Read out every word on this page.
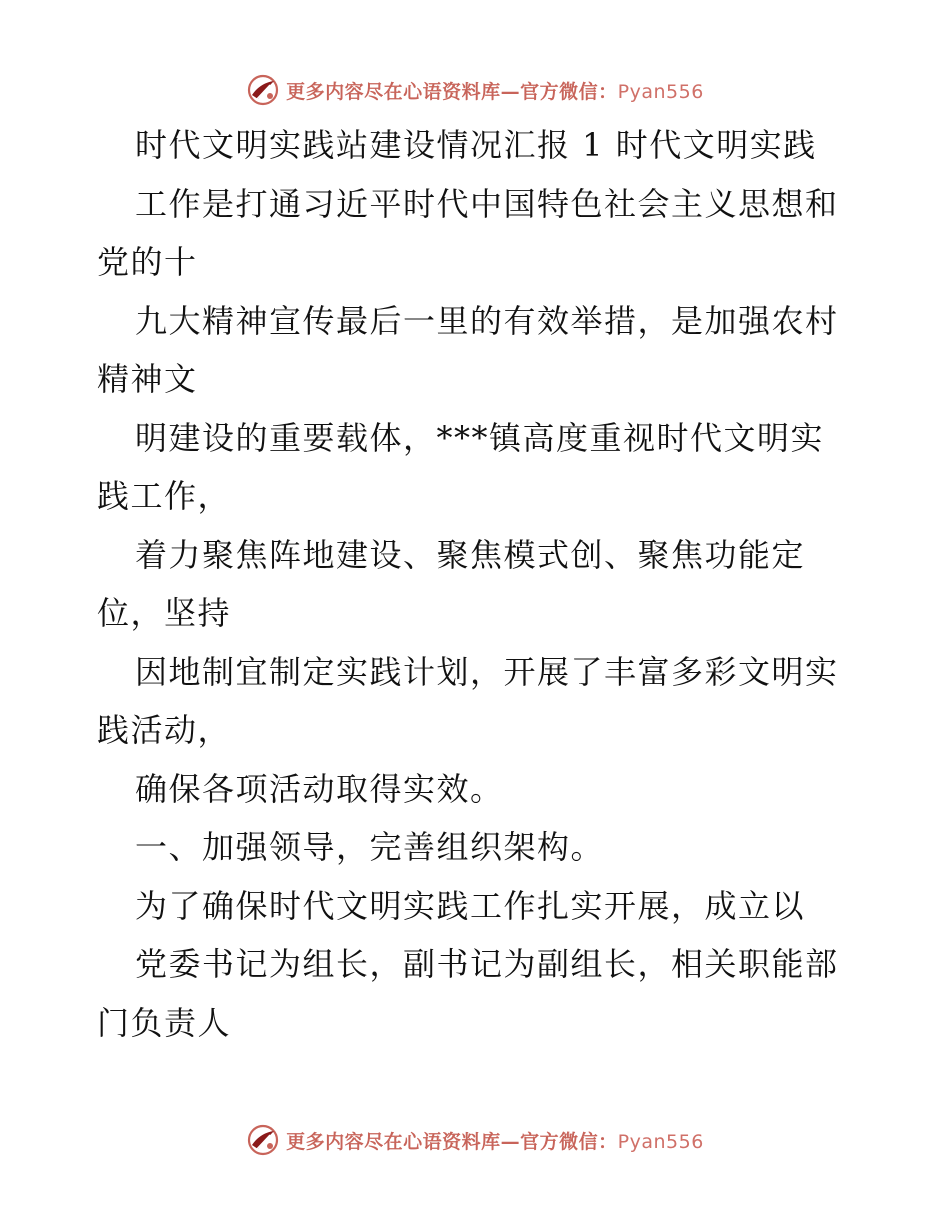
更多内容尽在心语资料库—官方微信：Pyan556
时代文明实践站建设情况汇报 1 时代文明实践
工作是打通习近平时代中国特色社会主义思想和
党的十
九大精神宣传最后一里的有效举措，是加强农村
精神文
明建设的重要载体，***镇高度重视时代文明实
践工作，
着力聚焦阵地建设、聚焦模式创、聚焦功能定
位，坚持
因地制宜制定实践计划，开展了丰富多彩文明实
践活动，
确保各项活动取得实效。
一、加强领导，完善组织架构。
为了确保时代文明实践工作扎实开展，成立以
党委书记为组长，副书记为副组长，相关职能部
门负责人
更多内容尽在心语资料库—官方微信：Pyan556
